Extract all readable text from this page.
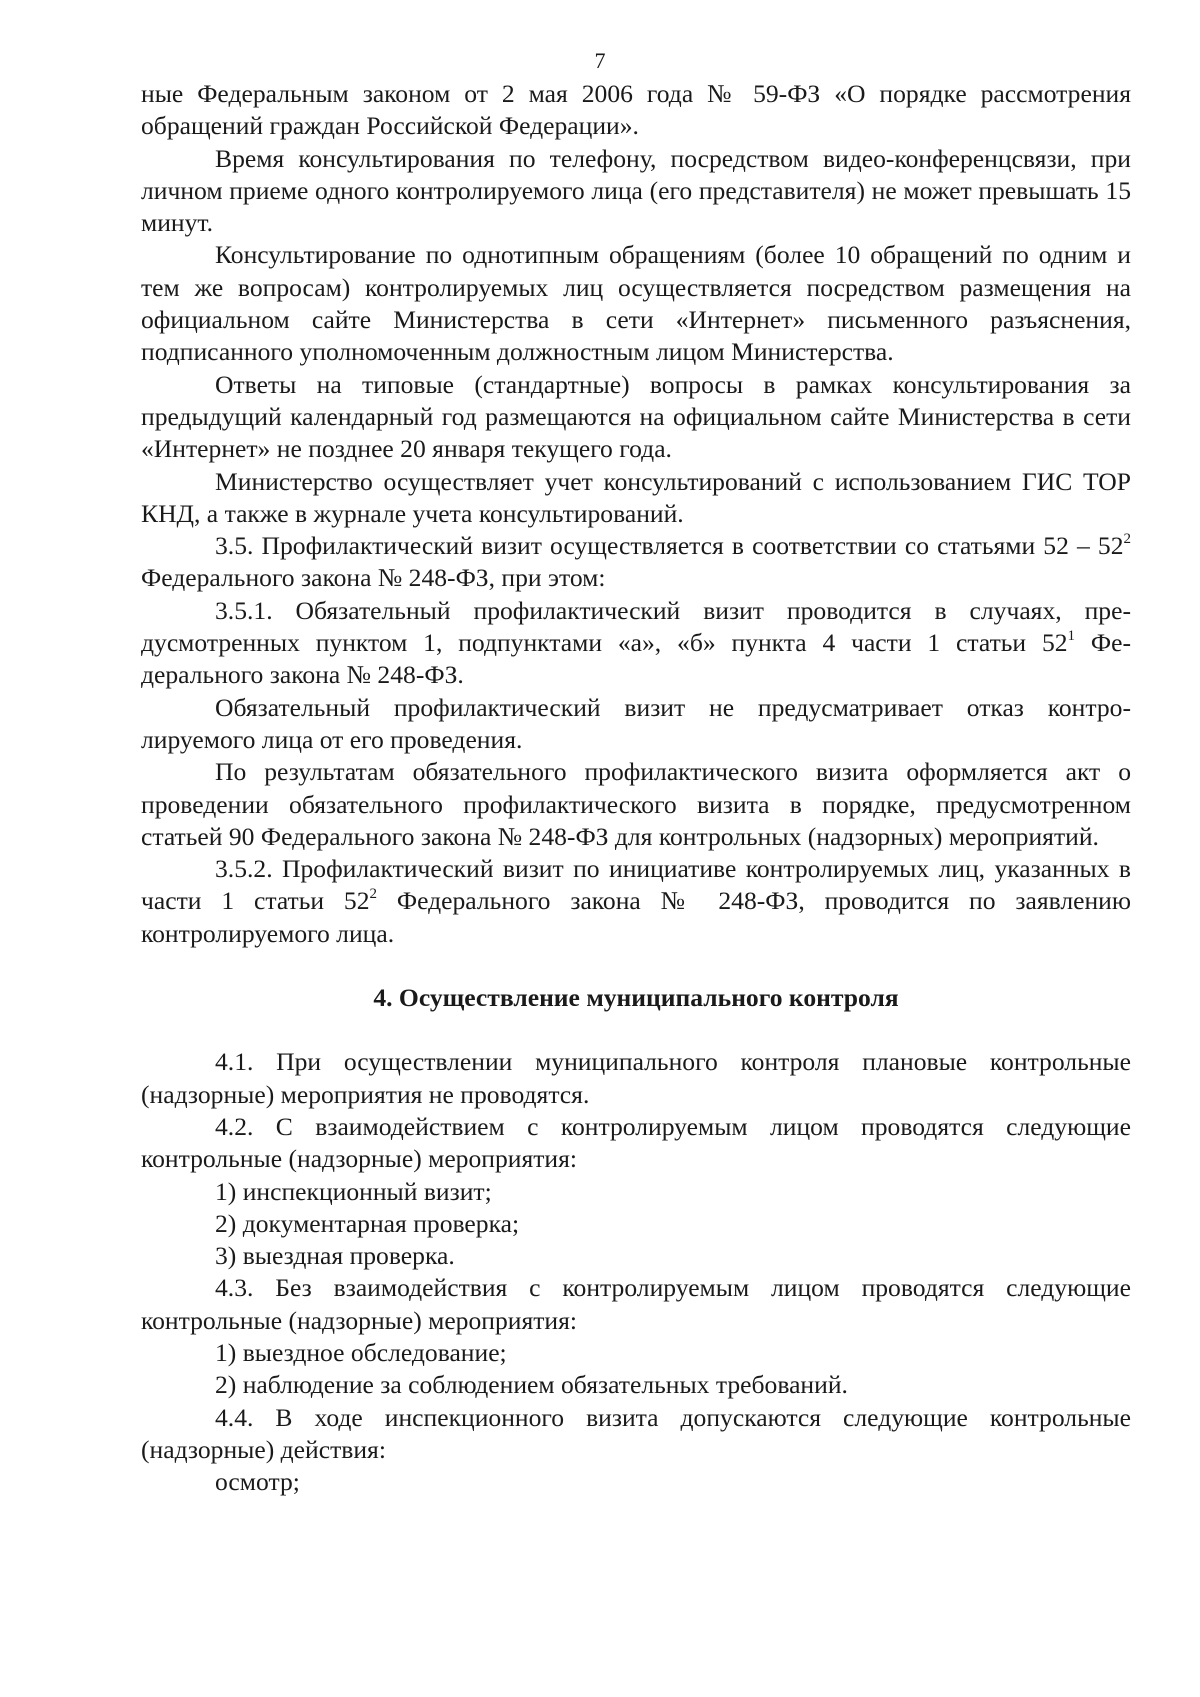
7

ные Федеральным законом от 2 мая 2006 года № 59-ФЗ «О порядке рассмотрения обращений граждан Российской Федерации».

Время консультирования по телефону, посредством видео-конференцсвязи, при личном приеме одного контролируемого лица (его представителя) не может превышать 15 минут.

Консультирование по однотипным обращениям (более 10 обращений по одним и тем же вопросам) контролируемых лиц осуществляется посредством размещения на официальном сайте Министерства в сети «Интернет» письменного разъяснения, подписанного уполномоченным должностным лицом Министерства.

Ответы на типовые (стандартные) вопросы в рамках консультирования за предыдущий календарный год размещаются на официальном сайте Министерства в сети «Интернет» не позднее 20 января текущего года.

Министерство осуществляет учет консультирований с использованием ГИС ТОР КНД, а также в журнале учета консультирований.

3.5. Профилактический визит осуществляется в соответствии со статьями $52 - 52^2$ Федерального закона № 248-ФЗ, при этом:

3.5.1. Обязательный профилактический визит проводится в случаях, предусмотренных пунктом 1, подпунктами «а», «б» пункта 4 части 1 статьи $52^1$ Федерального закона № 248-ФЗ.

Обязательный профилактический визит не предусматривает отказ контролируемого лица от его проведения.

По результатам обязательного профилактического визита оформляется акт о проведении обязательного профилактического визита в порядке, предусмотренном статьей 90 Федерального закона № 248-ФЗ для контрольных (надзорных) мероприятий.

3.5.2. Профилактический визит по инициативе контролируемых лиц, указанных в части 1 статьи $52^2$ Федерального закона № 248-ФЗ, проводится по заявлению контролируемого лица.

4. Осуществление муниципального контроля

4.1. При осуществлении муниципального контроля плановые контрольные (надзорные) мероприятия не проводятся.

4.2. С взаимодействием с контролируемым лицом проводятся следующие контрольные (надзорные) мероприятия:

1) инспекционный визит;

2) документарная проверка;

3) выездная проверка.

4.3. Без взаимодействия с контролируемым лицом проводятся следующие контрольные (надзорные) мероприятия:

1) выездное обследование;

2) наблюдение за соблюдением обязательных требований.

4.4. В ходе инспекционного визита допускаются следующие контрольные (надзорные) действия:

осмотр;
